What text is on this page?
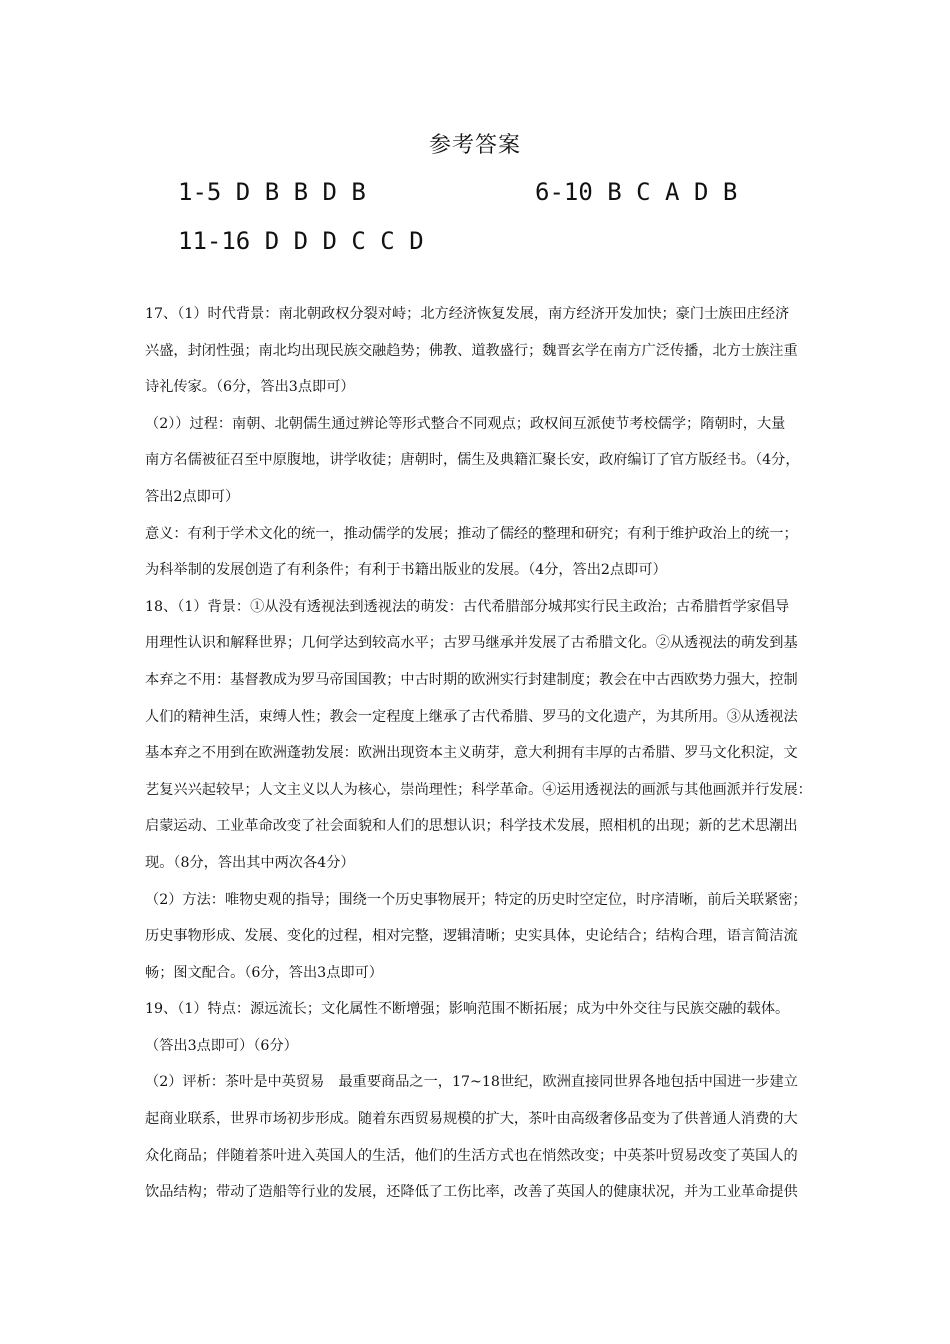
参考答案
1-5 D B B D B	6-10 B C A D B
11-16 D D D C C D
17、（1）时代背景：南北朝政权分裂对峙；北方经济恢复发展，南方经济开发加快；豪门士族田庄经济
兴盛，封闭性强；南北均出现民族交融趋势；佛教、道教盛行；魏晋玄学在南方广泛传播，北方士族注重
诗礼传家。（6分，答出3点即可）
（2））过程：南朝、北朝儒生通过辨论等形式整合不同观点；政权间互派使节考校儒学；隋朝时，大量
南方名儒被征召至中原腹地，讲学收徒；唐朝时，儒生及典籍汇聚长安，政府编订了官方版经书。（4分，
答出2点即可）
意义：有利于学术文化的统一，推动儒学的发展；推动了儒经的整理和研究；有利于维护政治上的统一；
为科举制的发展创造了有利条件；有利于书籍出版业的发展。（4分，答出2点即可）
18、（1）背景：①从没有透视法到透视法的萌发：古代希腊部分城邦实行民主政治；古希腊哲学家倡导
用理性认识和解释世界；几何学达到较高水平；古罗马继承并发展了古希腊文化。②从透视法的萌发到基
本弃之不用：基督教成为罗马帝国国教；中古时期的欧洲实行封建制度；教会在中古西欧势力强大，控制
人们的精神生活，束缚人性；教会一定程度上继承了古代希腊、罗马的文化遗产，为其所用。③从透视法
基本弃之不用到在欧洲蓬勃发展：欧洲出现资本主义萌芽，意大利拥有丰厚的古希腊、罗马文化积淀，文
艺复兴兴起较早；人文主义以人为核心，崇尚理性；科学革命。④运用透视法的画派与其他画派并行发展：
启蒙运动、工业革命改变了社会面貌和人们的思想认识；科学技术发展，照相机的出现；新的艺术思潮出
现。（8分，答出其中两次各4分）
（2）方法：唯物史观的指导；围绕一个历史事物展开；特定的历史时空定位，时序清晰，前后关联紧密；
历史事物形成、发展、变化的过程，相对完整，逻辑清晰；史实具体，史论结合；结构合理，语言简洁流
畅；图文配合。（6分，答出3点即可）
19、（1）特点：源远流长；文化属性不断增强；影响范围不断拓展；成为中外交往与民族交融的载体。
（答出3点即可）（6分）
（2）评析：茶叶是中英贸易　最重要商品之一，17~18世纪，欧洲直接同世界各地包括中国进一步建立
起商业联系，世界市场初步形成。随着东西贸易规模的扩大，茶叶由高级奢侈品变为了供普通人消费的大
众化商品；伴随着茶叶进入英国人的生活，他们的生活方式也在悄然改变；中英茶叶贸易改变了英国人的
饮品结构；带动了造船等行业的发展，还降低了工伤比率，改善了英国人的健康状况，并为工业革命提供
